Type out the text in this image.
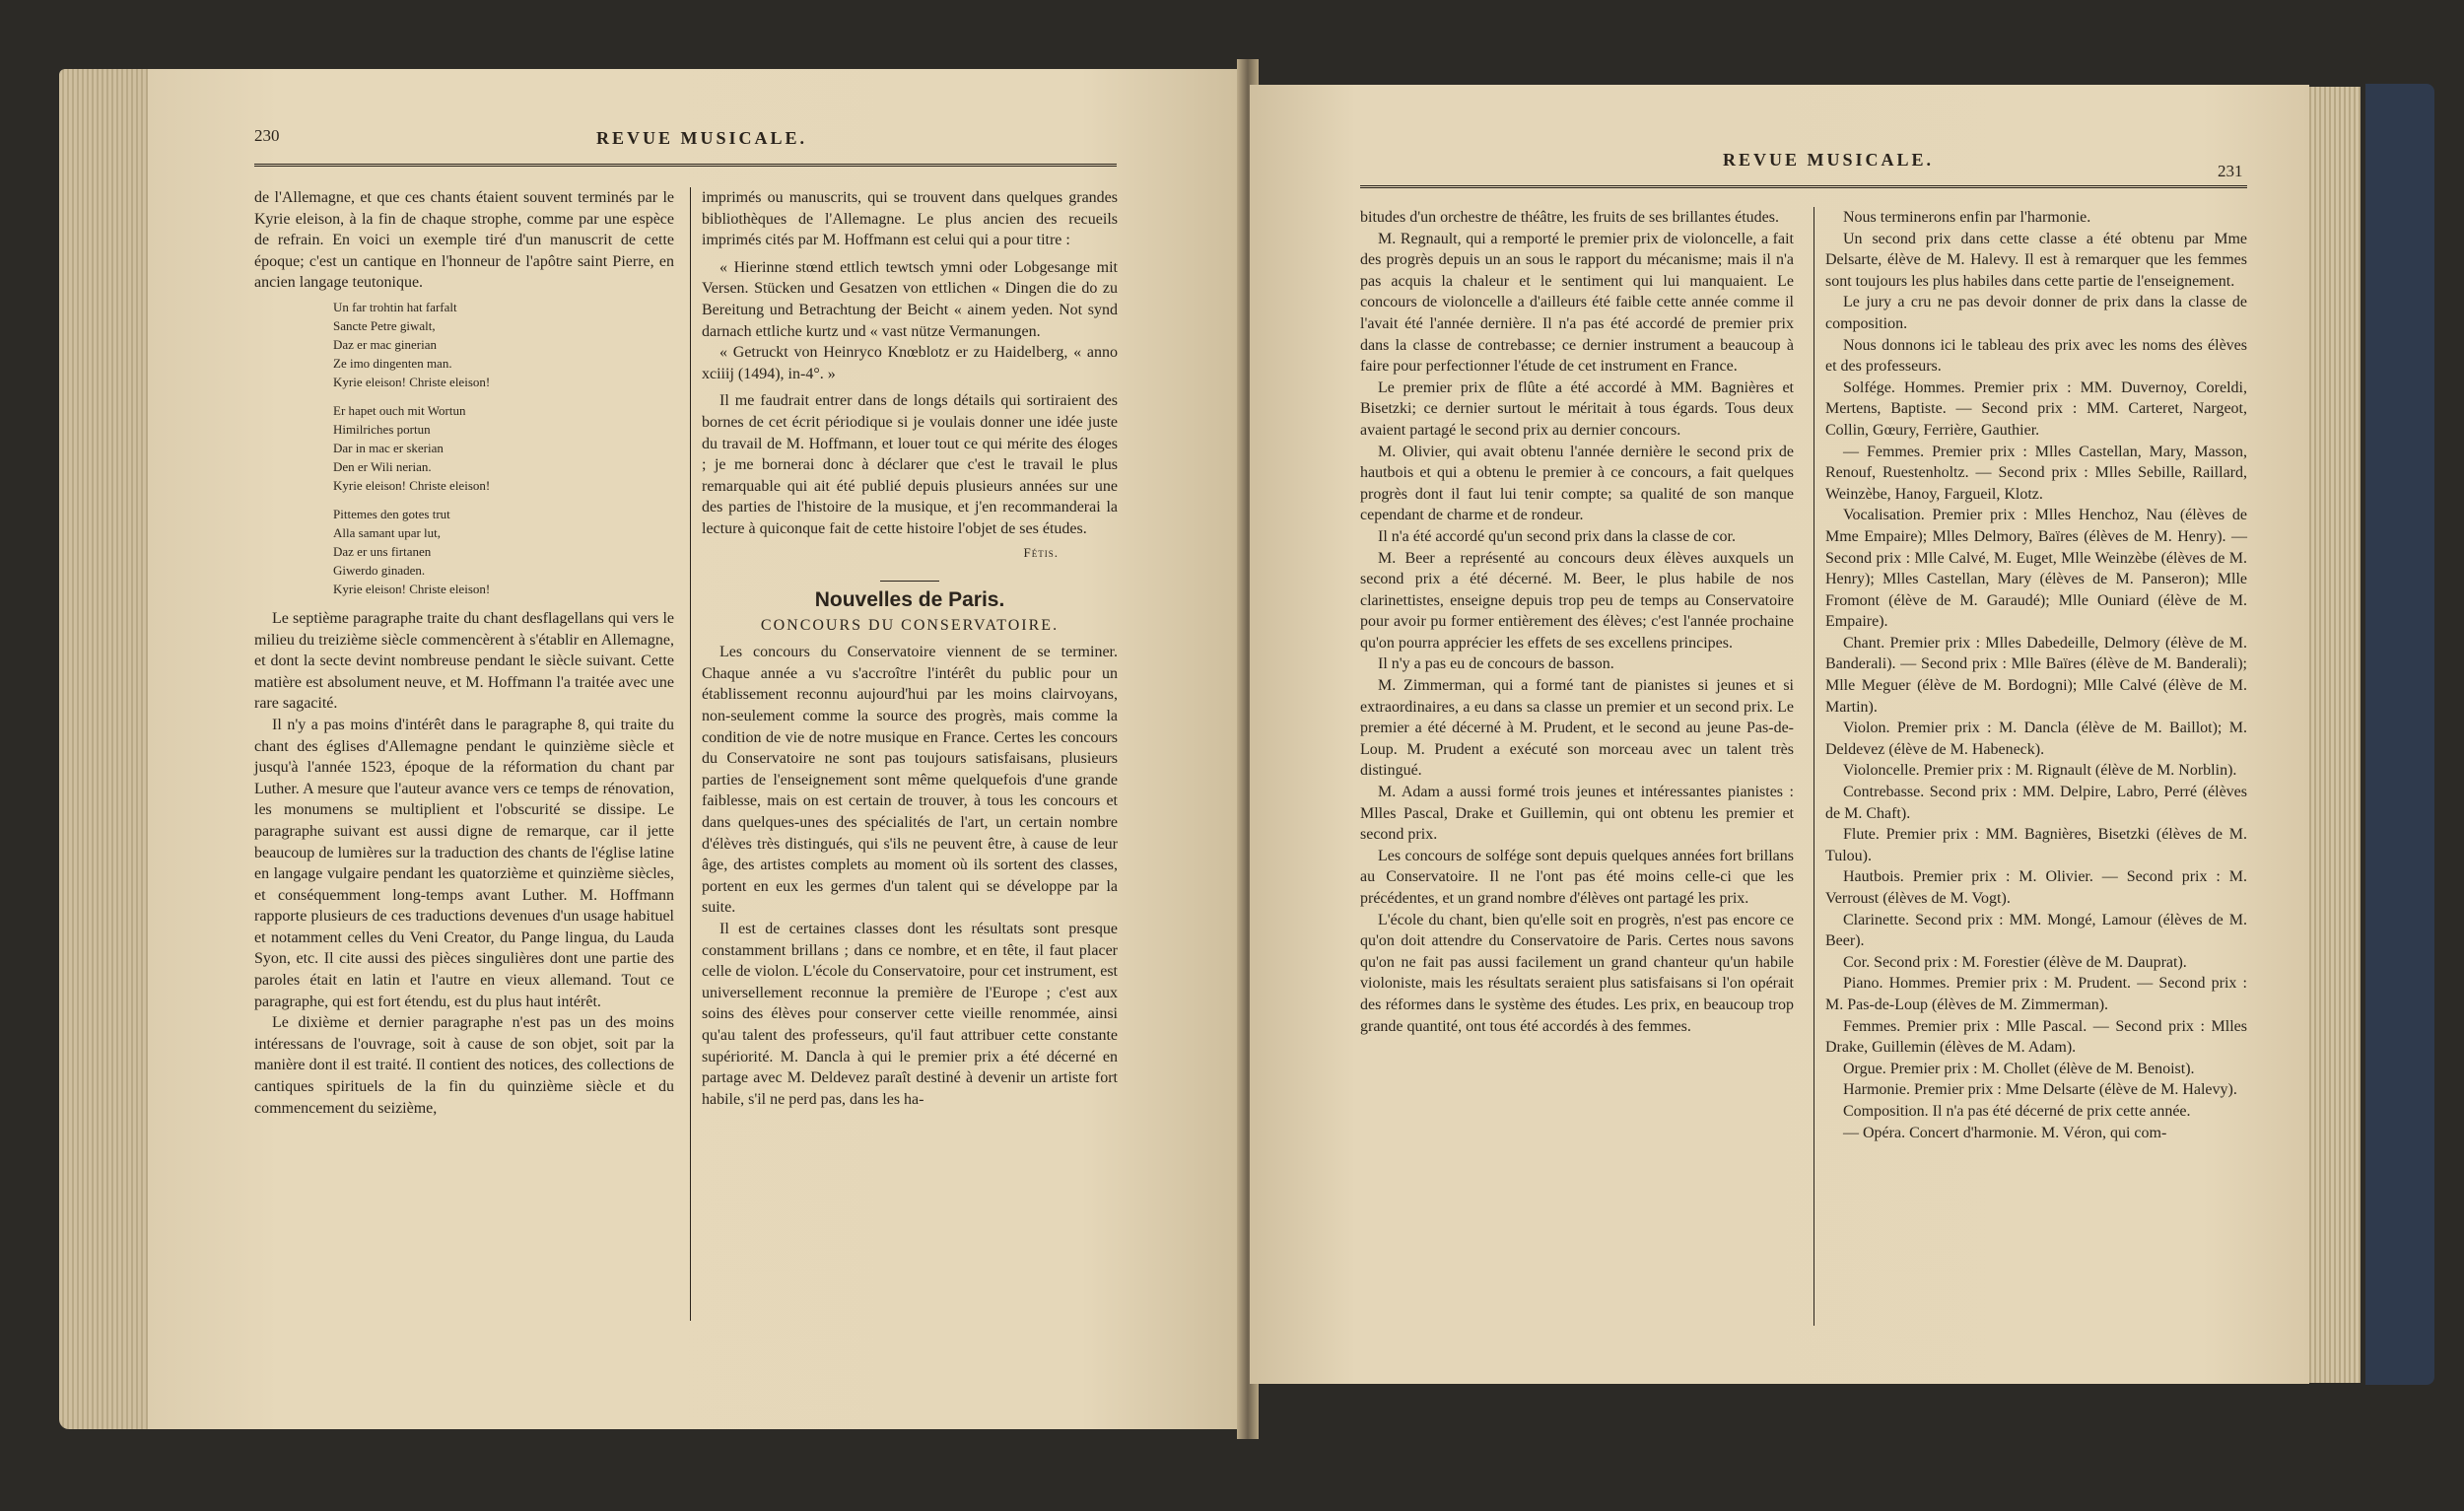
230	REVUE MUSICALE.

de l'Allemagne, et que ces chants étaient souvent terminés par le Kyrie eleison, à la fin de chaque strophe, comme par une espèce de refrain. En voici un exemple tiré d'un manuscrit de cette époque; c'est un cantique en l'honneur de l'apôtre saint Pierre, en ancien langage teutonique.

Un far trohtin hat farfalt
Sancte Petre giwalt,
Daz er mac ginerian
Ze imo dingenten man.
Kyrie eleison! Christe eleison!
Er hapet ouch mit Wortun
Himilriches portun
Dar in mac er skerian
Den er Wili nerian.
Kyrie eleison! Christe eleison!
Pittemes den gotes trut
Alla samant upar lut,
Daz er uns firtanen
Giwerdo ginaden.
Kyrie eleison! Christe eleison!

Le septième paragraphe traite du chant desflagellans qui vers le milieu du treizième siècle commencèrent à s'établir en Allemagne, et dont la secte devint nombreuse pendant le siècle suivant. Cette matière est absolument neuve, et M. Hoffmann l'a traitée avec une rare sagacité.

Il n'y a pas moins d'intérêt dans le paragraphe 8, qui traite du chant des églises d'Allemagne pendant le quinzième siècle et jusqu'à l'année 1523, époque de la réformation du chant par Luther. A mesure que l'auteur avance vers ce temps de rénovation, les monumens se multiplient et l'obscurité se dissipe. Le paragraphe suivant est aussi digne de remarque, car il jette beaucoup de lumières sur la traduction des chants de l'église latine en langage vulgaire pendant les quatorzième et quinzième siècles, et conséquemment long-temps avant Luther. M. Hoffmann rapporte plusieurs de ces traductions devenues d'un usage habituel et notamment celles du Veni Creator, du Pange lingua, du Lauda Syon, etc. Il cite aussi des pièces singulières dont une partie des paroles était en latin et l'autre en vieux allemand. Tout ce paragraphe, qui est fort étendu, est du plus haut intérêt.

Le dixième et dernier paragraphe n'est pas un des moins intéressans de l'ouvrage, soit à cause de son objet, soit par la manière dont il est traité. Il contient des notices, des collections de cantiques spirituels de la fin du quinzième siècle et du commencement du seizième,

imprimés ou manuscrits, qui se trouvent dans quelques grandes bibliothèques de l'Allemagne. Le plus ancien des recueils imprimés cités par M. Hoffmann est celui qui a pour titre :

« Hierinne stœnd ettlich tewtsch ymni oder Lobgesange mit Versen. Stücken und Gesatzen von ettlichen « Dingen die do zu Bereitung und Betrachtung der Beicht « ainem yeden. Not synd darnach ettliche kurtz und « vast nütze Vermanungen.

« Getruckt von Heinryco Knœblotz er zu Haidelberg, « anno xciiij (1494), in-4°. »

Il me faudrait entrer dans de longs détails qui sortiraient des bornes de cet écrit périodique si je voulais donner une idée juste du travail de M. Hoffmann, et louer tout ce qui mérite des éloges ; je me bornerai donc à déclarer que c'est le travail le plus remarquable qui ait été publié depuis plusieurs années sur une des parties de l'histoire de la musique, et j'en recommanderai la lecture à quiconque fait de cette histoire l'objet de ses études.

Fétis.
Nouvelles de Paris.
CONCOURS DU CONSERVATOIRE.

Les concours du Conservatoire viennent de se terminer. Chaque année a vu s'accroître l'intérêt du public pour un établissement reconnu aujourd'hui par les moins clairvoyans, non-seulement comme la source des progrès, mais comme la condition de vie de notre musique en France. Certes les concours du Conservatoire ne sont pas toujours satisfaisans, plusieurs parties de l'enseignement sont même quelquefois d'une grande faiblesse, mais on est certain de trouver, à tous les concours et dans quelques-unes des spécialités de l'art, un certain nombre d'élèves très distingués, qui s'ils ne peuvent être, à cause de leur âge, des artistes complets au moment où ils sortent des classes, portent en eux les germes d'un talent qui se développe par la suite.

Il est de certaines classes dont les résultats sont presque constamment brillans ; dans ce nombre, et en tête, il faut placer celle de violon. L'école du Conservatoire, pour cet instrument, est universellement reconnue la première de l'Europe ; c'est aux soins des élèves pour conserver cette vieille renommée, ainsi qu'au talent des professeurs, qu'il faut attribuer cette constante supériorité. M. Dancla à qui le premier prix a été décerné en partage avec M. Deldevez paraît destiné à devenir un artiste fort habile, s'il ne perd pas, dans les ha-

REVUE MUSICALE.
231

bitudes d'un orchestre de théâtre, les fruits de ses brillantes études.

M. Regnault, qui a remporté le premier prix de violoncelle, a fait des progrès depuis un an sous le rapport du mécanisme; mais il n'a pas acquis la chaleur et le sentiment qui lui manquaient. Le concours de violoncelle a d'ailleurs été faible cette année comme il l'avait été l'année dernière. Il n'a pas été accordé de premier prix dans la classe de contrebasse; ce dernier instrument a beaucoup à faire pour perfectionner l'étude de cet instrument en France.

Le premier prix de flûte a été accordé à MM. Bagnières et Bisetzki; ce dernier surtout le méritait à tous égards. Tous deux avaient partagé le second prix au dernier concours.

M. Olivier, qui avait obtenu l'année dernière le second prix de hautbois et qui a obtenu le premier à ce concours, a fait quelques progrès dont il faut lui tenir compte; sa qualité de son manque cependant de charme et de rondeur.

Il n'a été accordé qu'un second prix dans la classe de cor.

M. Beer a représenté au concours deux élèves auxquels un second prix a été décerné. M. Beer, le plus habile de nos clarinettistes, enseigne depuis trop peu de temps au Conservatoire pour avoir pu former entièrement des élèves; c'est l'année prochaine qu'on pourra apprécier les effets de ses excellens principes.

Il n'y a pas eu de concours de basson.

M. Zimmerman, qui a formé tant de pianistes si jeunes et si extraordinaires, a eu dans sa classe un premier et un second prix. Le premier a été décerné à M. Prudent, et le second au jeune Pas-de-Loup. M. Prudent a exécuté son morceau avec un talent très distingué.

M. Adam a aussi formé trois jeunes et intéressantes pianistes : Mlles Pascal, Drake et Guillemin, qui ont obtenu les premier et second prix.

Les concours de solfége sont depuis quelques années fort brillans au Conservatoire. Il ne l'ont pas été moins celle-ci que les précédentes, et un grand nombre d'élèves ont partagé les prix.

L'école du chant, bien qu'elle soit en progrès, n'est pas encore ce qu'on doit attendre du Conservatoire de Paris. Certes nous savons qu'on ne fait pas aussi facilement un grand chanteur qu'un habile violoniste, mais les résultats seraient plus satisfaisans si l'on opérait des réformes dans le système des études. Les prix, en beaucoup trop grande quantité, ont tous été accordés à des femmes.

Nous terminerons enfin par l'harmonie.

Un second prix dans cette classe a été obtenu par Mme Delsarte, élève de M. Halevy. Il est à remarquer que les femmes sont toujours les plus habiles dans cette partie de l'enseignement.

Le jury a cru ne pas devoir donner de prix dans la classe de composition.

Nous donnons ici le tableau des prix avec les noms des élèves et des professeurs.

Solfége. Hommes. Premier prix : MM. Duvernoy, Coreldi, Mertens, Baptiste. — Second prix : MM. Carteret, Nargeot, Collin, Gœury, Ferrière, Gauthier.

— Femmes. Premier prix : Mlles Castellan, Mary, Masson, Renouf, Ruestenholtz. — Second prix : Mlles Sebille, Raillard, Weinzèbe, Hanoy, Fargueil, Klotz.

Vocalisation. Premier prix : Mlles Henchoz, Nau (élèves de Mme Empaire); Mlles Delmory, Baïres (élèves de M. Henry). — Second prix : Mlle Calvé, M. Euget, Mlle Weinzèbe (élèves de M. Henry); Mlles Castellan, Mary (élèves de M. Panseron); Mlle Fromont (élève de M. Garaudé); Mlle Ouniard (élève de M. Empaire).

Chant. Premier prix : Mlles Dabedeille, Delmory (élève de M. Banderali). — Second prix : Mlle Baïres (élève de M. Banderali); Mlle Meguer (élève de M. Bordogni); Mlle Calvé (élève de M. Martin).

Violon. Premier prix : M. Dancla (élève de M. Baillot); M. Deldevez (élève de M. Habeneck).

Violoncelle. Premier prix : M. Rignault (élève de M. Norblin).

Contrebasse. Second prix : MM. Delpire, Labro, Perré (élèves de M. Chaft).

Flute. Premier prix : MM. Bagnières, Bisetzki (élèves de M. Tulou).

Hautbois. Premier prix : M. Olivier. — Second prix : M. Verroust (élèves de M. Vogt).

Clarinette. Second prix : MM. Mongé, Lamour (élèves de M. Beer).

Cor. Second prix : M. Forestier (élève de M. Dauprat).

Piano. Hommes. Premier prix : M. Prudent. — Second prix : M. Pas-de-Loup (élèves de M. Zimmerman).

Femmes. Premier prix : Mlle Pascal. — Second prix : Mlles Drake, Guillemin (élèves de M. Adam).

Orgue. Premier prix : M. Chollet (élève de M. Benoist).

Harmonie. Premier prix : Mme Delsarte (élève de M. Halevy).

Composition. Il n'a pas été décerné de prix cette année.

— Opéra. Concert d'harmonie. M. Véron, qui com-
